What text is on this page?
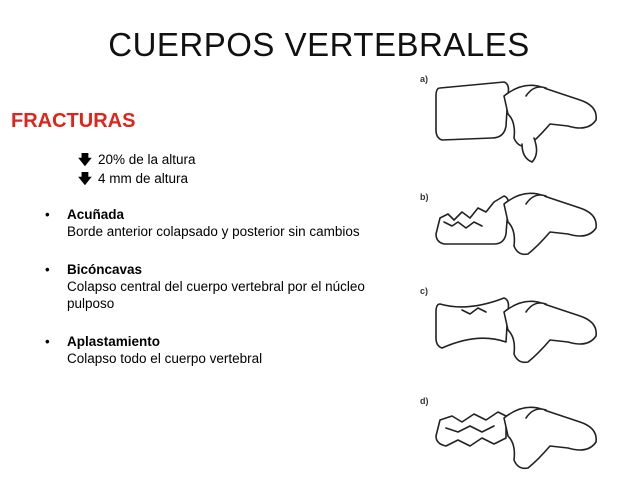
CUERPOS VERTEBRALES
FRACTURAS
🡇 20% de la altura
🡇 4 mm de altura
•	Acuñada
Borde anterior colapsado y posterior sin cambios
•	Bicóncavas
Colapso central del cuerpo vertebral por el núcleo
pulposo
•	Aplastamiento
Colapso todo el cuerpo vertebral
a)
b)
c)
d)
